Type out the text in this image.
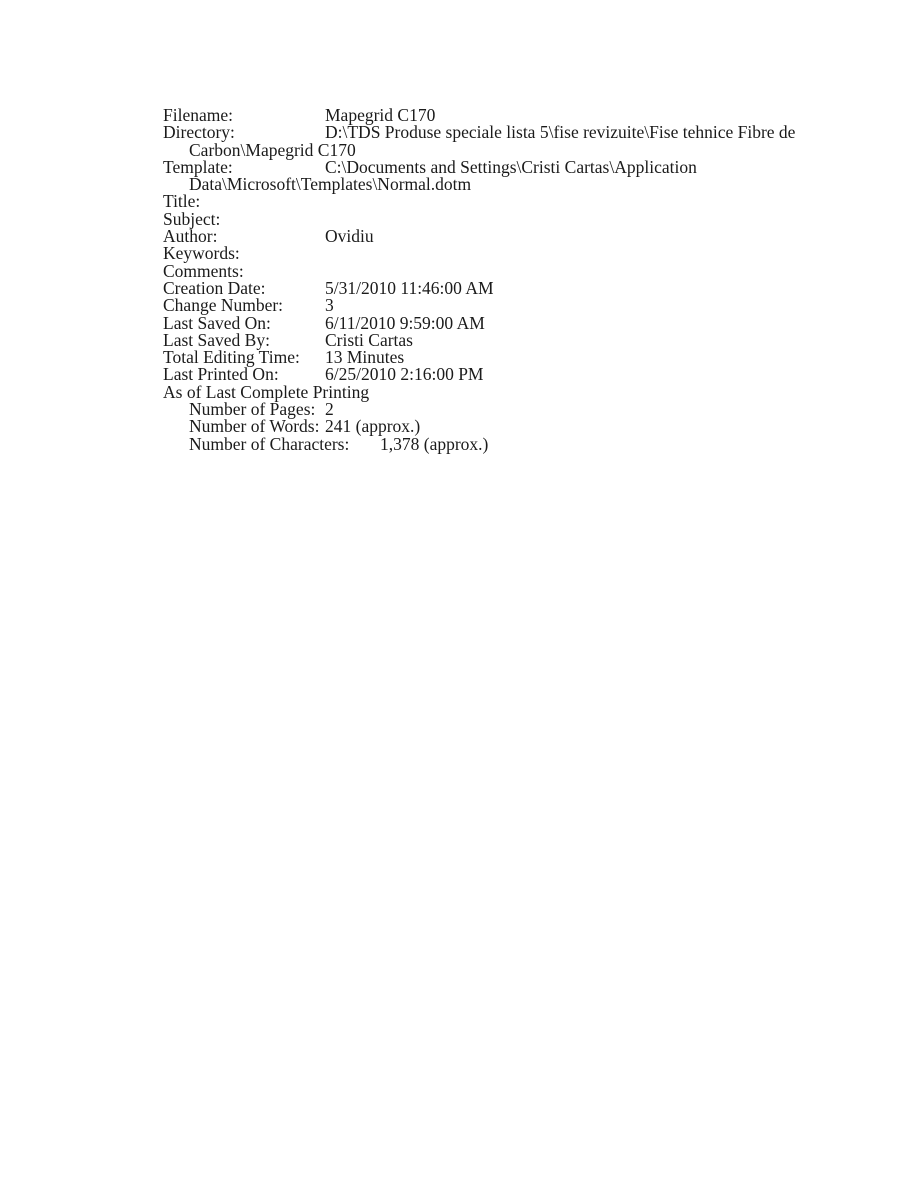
Filename:	Mapegrid C170
Directory:	D:\TDS Produse speciale lista 5\fise revizuite\Fise tehnice Fibre de
Carbon\Mapegrid C170
Template:	C:\Documents and Settings\Cristi Cartas\Application
Data\Microsoft\Templates\Normal.dotm
Title:
Subject:
Author:	Ovidiu
Keywords:
Comments:
Creation Date:	5/31/2010 11:46:00 AM
Change Number: 3
Last Saved On:	6/11/2010 9:59:00 AM
Last Saved By:	Cristi Cartas
Total Editing Time: 13 Minutes
Last Printed On:	6/25/2010 2:16:00 PM
As of Last Complete Printing
Number of Pages: 2
Number of Words: 241 (approx.)
Number of Characters: 1,378 (approx.)
